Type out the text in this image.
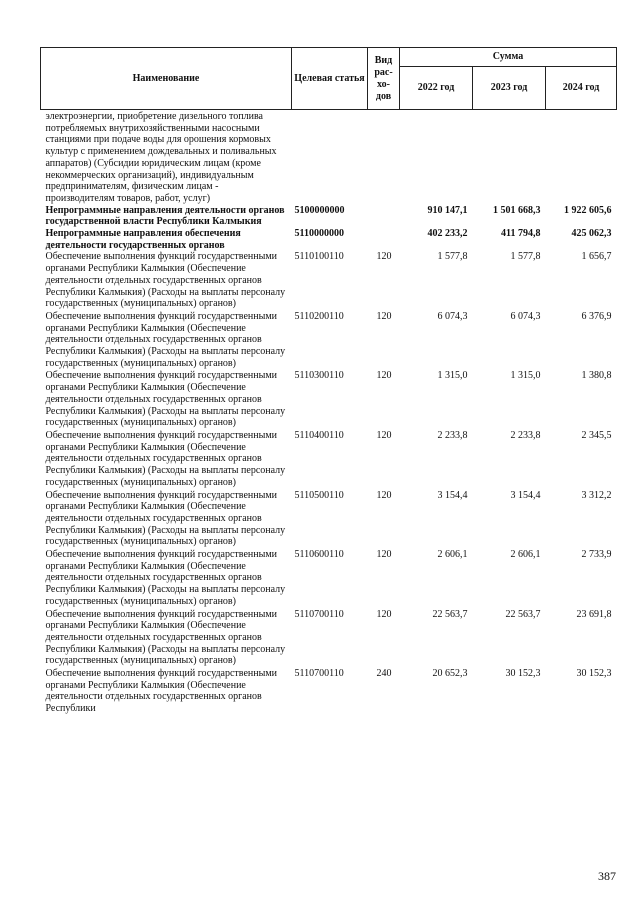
Наименование	Целевая статья	Вид рас-хо-дов	Сумма		
			2022 год	2023 год	2024 год
электроэнергии, приобретение дизельного топлива потребляемых внутрихозяйственными насосными станциями при подаче воды для орошения кормовых культур с применением дождевальных и поливальных аппаратов) (Субсидии юридическим лицам (кроме некоммерческих организаций), индивидуальным предпринимателям, физическим лицам - производителям товаров, работ, услуг)					
Непрограммные направления деятельности органов государственной власти Республики Калмыкия	5100000000		910 147,1	1 501 668,3	1 922 605,6
Непрограммные направления обеспечения деятельности государственных органов	5110000000		402 233,2	411 794,8	425 062,3
Обеспечение выполнения функций государственными органами Республики Калмыкия (Обеспечение деятельности отдельных государственных органов Республики Калмыкия) (Расходы на выплаты персоналу государственных (муниципальных) органов)	5110100110	120	1 577,8	1 577,8	1 656,7
Обеспечение выполнения функций государственными органами Республики Калмыкия (Обеспечение деятельности отдельных государственных органов Республики Калмыкия) (Расходы на выплаты персоналу государственных (муниципальных) органов)	5110200110	120	6 074,3	6 074,3	6 376,9
Обеспечение выполнения функций государственными органами Республики Калмыкия (Обеспечение деятельности отдельных государственных органов Республики Калмыкия) (Расходы на выплаты персоналу государственных (муниципальных) органов)	5110300110	120	1 315,0	1 315,0	1 380,8
Обеспечение выполнения функций государственными органами Республики Калмыкия (Обеспечение деятельности отдельных государственных органов Республики Калмыкия) (Расходы на выплаты персоналу государственных (муниципальных) органов)	5110400110	120	2 233,8	2 233,8	2 345,5
Обеспечение выполнения функций государственными органами Республики Калмыкия (Обеспечение деятельности отдельных государственных органов Республики Калмыкия) (Расходы на выплаты персоналу государственных (муниципальных) органов)	5110500110	120	3 154,4	3 154,4	3 312,2
Обеспечение выполнения функций государственными органами Республики Калмыкия (Обеспечение деятельности отдельных государственных органов Республики Калмыкия) (Расходы на выплаты персоналу государственных (муниципальных) органов)	5110600110	120	2 606,1	2 606,1	2 733,9
Обеспечение выполнения функций государственными органами Республики Калмыкия (Обеспечение деятельности отдельных государственных органов Республики Калмыкия) (Расходы на выплаты персоналу государственных (муниципальных) органов)	5110700110	120	22 563,7	22 563,7	23 691,8
Обеспечение выполнения функций государственными органами Республики Калмыкия (Обеспечение деятельности отдельных государственных органов Республики	5110700110	240	20 652,3	30 152,3	30 152,3
387
